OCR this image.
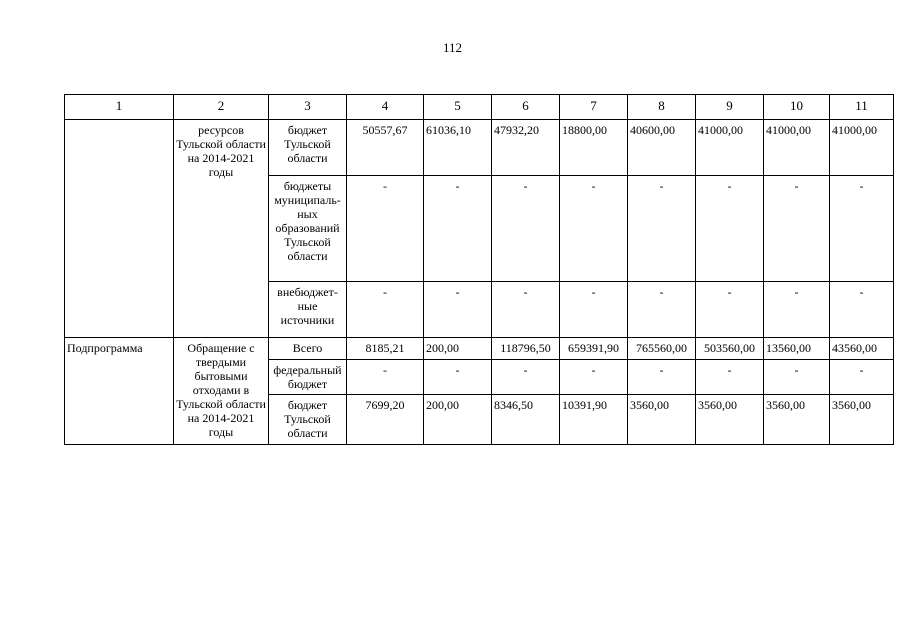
112
1	2	3	4	5	6	7	8	9	10	11
	ресурсов Тульской области на 2014-2021 годы	бюджет Тульской области	50557,67	61036,10	47932,20	18800,00	40600,00	41000,00	41000,00	41000,00
		бюджеты муниципаль-ных образований Тульской области	-	-	-	-	-	-	-	-
		внебюджет-ные источники	-	-	-	-	-	-	-	-
Подпрограмма	Обращение с твердыми бытовыми отходами в Тульской области на 2014-2021 годы	Всего	8185,21	200,00	118796,50	659391,90	765560,00	503560,00	13560,00	43560,00
		федеральный бюджет	-	-	-	-	-	-	-	-
		бюджет Тульской области	7699,20	200,00	8346,50	10391,90	3560,00	3560,00	3560,00	3560,00
